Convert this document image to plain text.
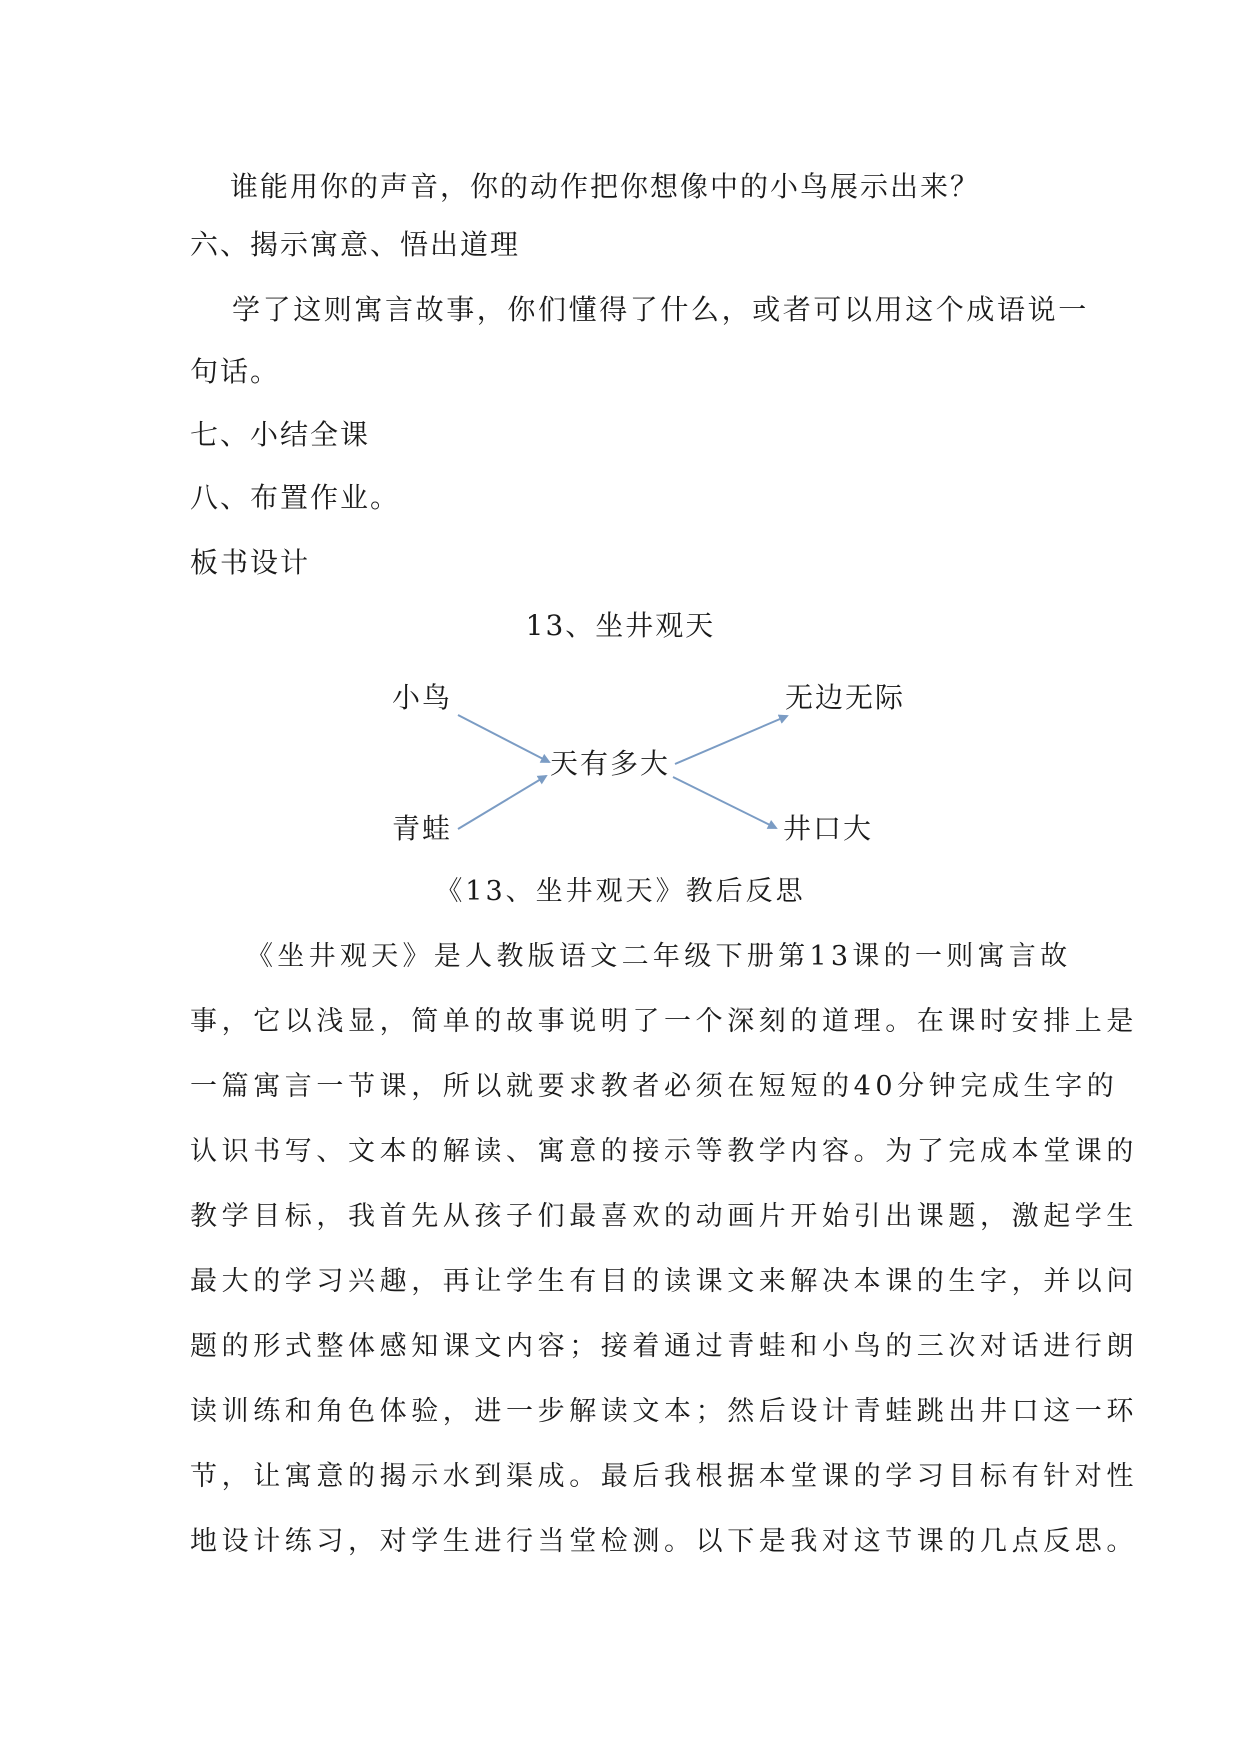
谁能用你的声音，你的动作把你想像中的小鸟展示出来？
六、揭示寓意、悟出道理
学了这则寓言故事，你们懂得了什么，或者可以用这个成语说一
句话。
七、小结全课
八、布置作业。
板书设计
13、坐井观天
小鸟
青蛙
天有多大
无边无际
井口大
《13、坐井观天》教后反思
《坐井观天》是人教版语文二年级下册第13课的一则寓言故
事，它以浅显，简单的故事说明了一个深刻的道理。在课时安排上是
一篇寓言一节课，所以就要求教者必须在短短的40分钟完成生字的
认识书写、文本的解读、寓意的接示等教学内容。为了完成本堂课的
教学目标，我首先从孩子们最喜欢的动画片开始引出课题，激起学生
最大的学习兴趣，再让学生有目的读课文来解决本课的生字，并以问
题的形式整体感知课文内容；接着通过青蛙和小鸟的三次对话进行朗
读训练和角色体验，进一步解读文本；然后设计青蛙跳出井口这一环
节，让寓意的揭示水到渠成。最后我根据本堂课的学习目标有针对性
地设计练习，对学生进行当堂检测。以下是我对这节课的几点反思。
